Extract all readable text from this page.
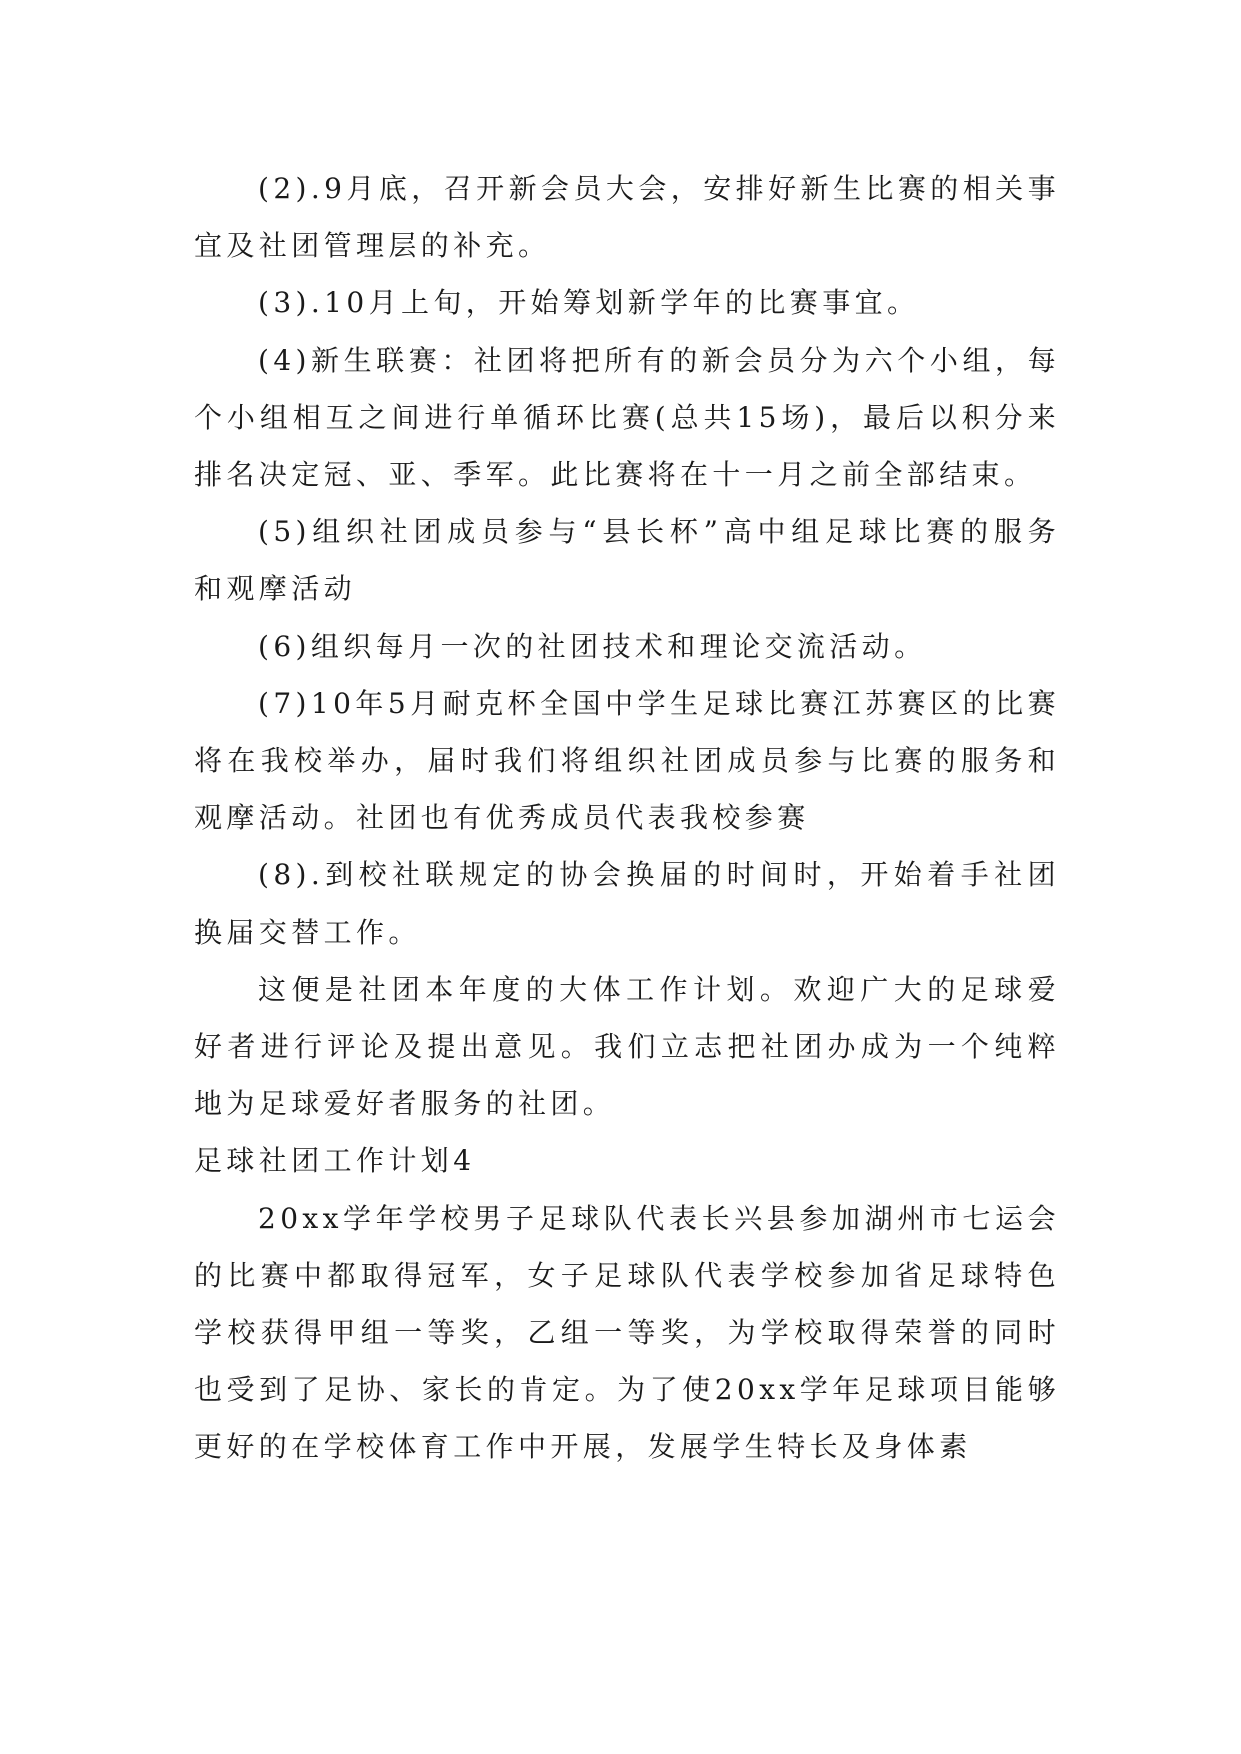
(2).9月底，召开新会员大会，安排好新生比赛的相关事宜及社团管理层的补充。

(3).10月上旬，开始筹划新学年的比赛事宜。

(4)新生联赛：社团将把所有的新会员分为六个小组，每个小组相互之间进行单循环比赛(总共15场)，最后以积分来排名决定冠、亚、季军。此比赛将在十一月之前全部结束。

(5)组织社团成员参与“县长杯”高中组足球比赛的服务和观摩活动

(6)组织每月一次的社团技术和理论交流活动。

(7)10年5月耐克杯全国中学生足球比赛江苏赛区的比赛将在我校举办，届时我们将组织社团成员参与比赛的服务和观摩活动。社团也有优秀成员代表我校参赛

(8).到校社联规定的协会换届的时间时，开始着手社团换届交替工作。

这便是社团本年度的大体工作计划。欢迎广大的足球爱好者进行评论及提出意见。我们立志把社团办成为一个纯粹地为足球爱好者服务的社团。

足球社团工作计划4

20xx学年学校男子足球队代表长兴县参加湖州市七运会的比赛中都取得冠军，女子足球队代表学校参加省足球特色学校获得甲组一等奖，乙组一等奖，为学校取得荣誉的同时也受到了足协、家长的肯定。为了使20xx学年足球项目能够更好的在学校体育工作中开展，发展学生特长及身体素
